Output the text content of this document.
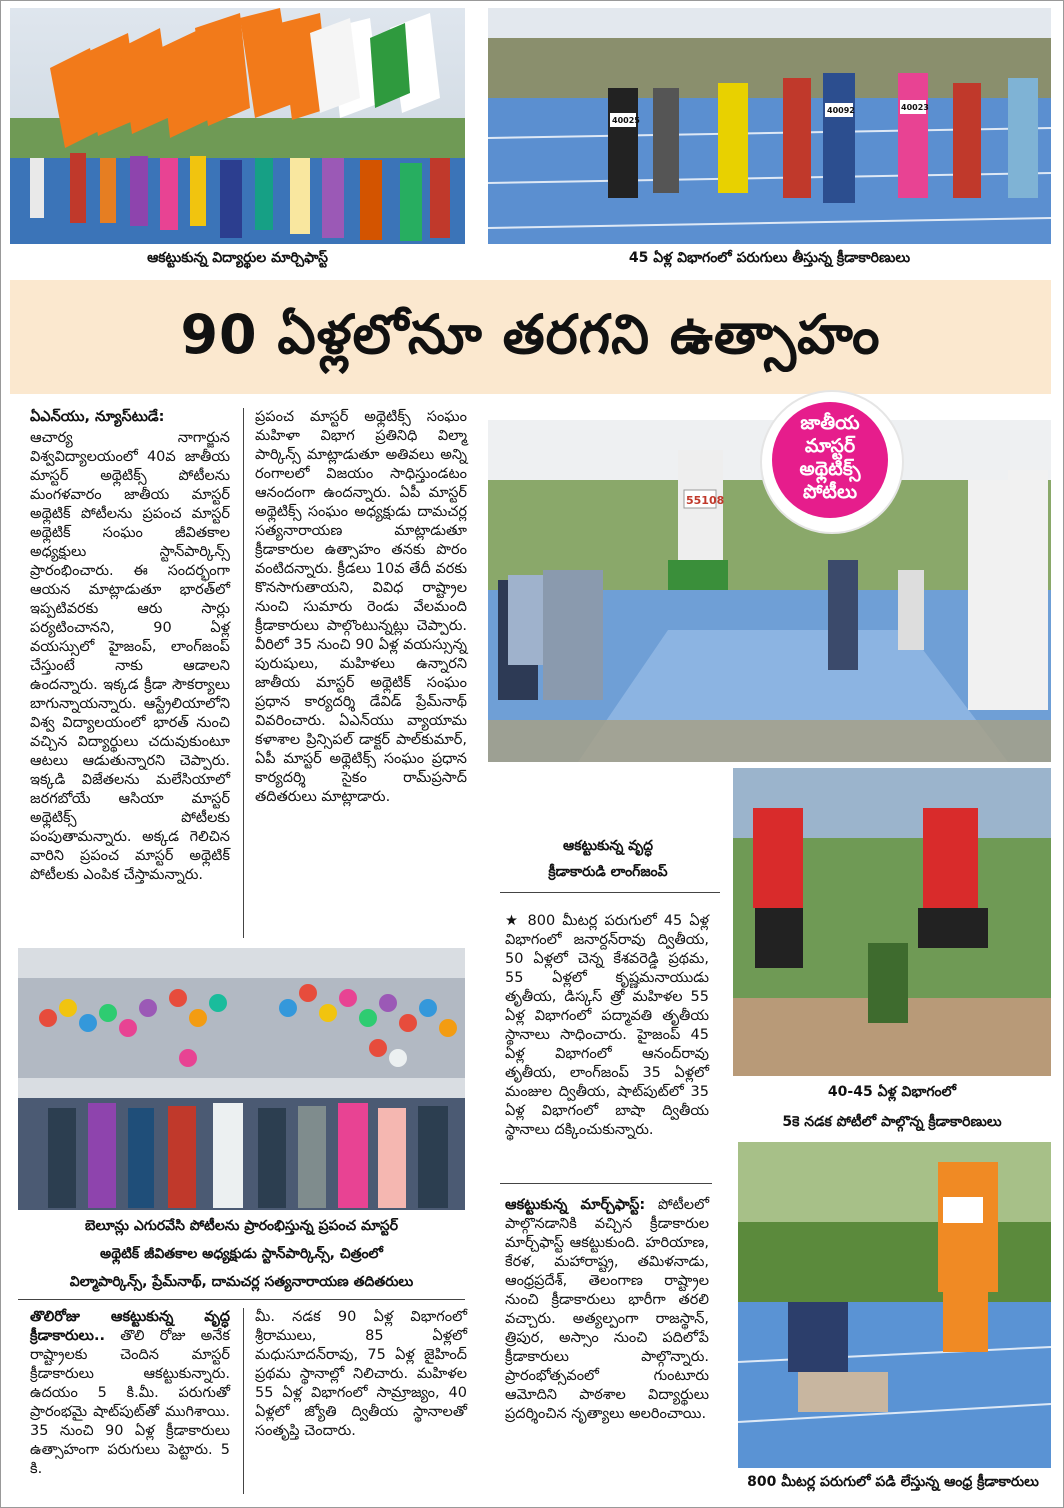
ఆకట్టుకున్న విద్యార్థుల మార్చిఫాస్ట్
40025
40092	40023
45 ఏళ్ల విభాగంలో పరుగులు తీస్తున్న క్రీడాకారిణులు
90 ఏళ్లలోనూ తరగని ఉత్సాహం
55108
జాతీయ మాస్టర్ అథ్లెటిక్స్ పోటీలు

ఏఎన్‌యు, న్యూస్‌టుడే:

ఆచార్య నాగార్జున విశ్వవిద్యాలయంలో 40వ జాతీయ మాస్టర్ అథ్లెటిక్స్ పోటీలను మంగళవారం జాతీయ మాస్టర్ అథ్లెటిక్ పోటీలను ప్రపంచ మాస్టర్ అథ్లెటిక్ సంఘం జీవితకాల అధ్యక్షులు స్టాన్‌పార్కిన్స్ ప్రారంభించారు. ఈ సందర్భంగా ఆయన మాట్లాడుతూ భారత్‌లో ఇప్పటివరకు ఆరు సార్లు పర్యటించానని, 90 ఏళ్ల వయస్సులో హైజంప్, లాంగ్‌జంప్ చేస్తుంటే నాకు ఆడాలని ఉందన్నారు. ఇక్కడ క్రీడా సౌకర్యాలు బాగున్నాయన్నారు. ఆస్ట్రేలియాలోని విశ్వ విద్యాలయంలో భారత్ నుంచి వచ్చిన విద్యార్థులు చదువుకుంటూ ఆటలు ఆడుతున్నారని చెప్పారు. ఇక్కడి విజేతలను మలేసియాలో జరగబోయే ఆసియా మాస్టర్ అథ్లెటిక్స్ పోటీలకు పంపుతామన్నారు. అక్కడ గెలిచిన వారిని ప్రపంచ మాస్టర్ అథ్లెటిక్ పోటీలకు ఎంపిక చేస్తామన్నారు.

ప్రపంచ మాస్టర్ అథ్లెటిక్స్ సంఘం మహిళా విభాగ ప్రతినిధి విల్మా పార్కిన్స్ మాట్లాడుతూ అతివలు అన్ని రంగాలలో విజయం సాధిస్తుండటం ఆనందంగా ఉందన్నారు. ఏపీ మాస్టర్ అథ్లెటిక్స్ సంఘం అధ్యక్షుడు దామచర్ల సత్యనారాయణ మాట్లాడుతూ క్రీడాకారుల ఉత్సాహం తనకు పొరం వంటిదన్నారు. క్రీడలు 10వ తేదీ వరకు కొనసాగుతాయని, వివిధ రాష్ట్రాల నుంచి సుమారు రెండు వేలమంది క్రీడాకారులు పాల్గొంటున్నట్లు చెప్పారు. వీరిలో 35 నుంచి 90 ఏళ్ల వయస్సున్న పురుషులు, మహిళలు ఉన్నారని జాతీయ మాస్టర్ అథ్లెటిక్ సంఘం ప్రధాన కార్యదర్శి డేవిడ్ ప్రేమ్‌నాథ్ వివరించారు. ఏఎన్‌యు వ్యాయామ కళాశాల ప్రిన్సిపల్ డాక్టర్ పాల్‌కుమార్, ఏపీ మాస్టర్ అథ్లెటిక్స్ సంఘం ప్రధాన కార్యదర్శి సైకం రామ్‌ప్రసాద్ తదితరులు మాట్లాడారు.

ఆకట్టుకున్న వృద్ధ
క్రీడాకారుడి లాంగ్‌జంప్

★ 800 మీటర్ల పరుగులో 45 ఏళ్ల విభాగంలో జనార్దన్‌రావు ద్వితీయ, 50 ఏళ్లలో చెన్న కేశవరెడ్డి ప్రథమ, 55 ఏళ్లలో కృష్ణమనాయుడు తృతీయ, డిస్కస్ త్రో మహిళల 55 ఏళ్ల విభాగంలో పద్మావతి తృతీయ స్థానాలు సాధించారు. హైజంప్ 45 ఏళ్ల విభాగంలో ఆనంద్‌రావు తృతీయ, లాంగ్‌జంప్ 35 ఏళ్లలో మంజుల ద్వితీయ, షాట్‌పుట్‌లో 35 ఏళ్ల విభాగంలో బాషా ద్వితీయ స్థానాలు దక్కించుకున్నారు.

ఆకట్టుకున్న మార్చ్‌ఫాస్ట్: పోటీలలో పాల్గొనడానికి వచ్చిన క్రీడాకారుల మార్చ్‌ఫాస్ట్ ఆకట్టుకుంది. హరియాణ, కేరళ, మహారాష్ట్ర, తమిళనాడు, ఆంధ్రప్రదేశ్, తెలంగాణ రాష్ట్రాల నుంచి క్రీడాకారులు భారీగా తరలి వచ్చారు. అత్యల్పంగా రాజస్థాన్, త్రిపుర, అస్సాం నుంచి పదిలోపే క్రీడాకారులు పాల్గొన్నారు. ప్రారంభోత్సవంలో గుంటూరు ఆమోదిని పాఠశాల విద్యార్థులు ప్రదర్శించిన నృత్యాలు అలరించాయి.

40-45 ఏళ్ల విభాగంలో
5కె నడక పోటీలో పాల్గొన్న క్రీడాకారిణులు
బెలూన్లు ఎగురవేసి పోటీలను ప్రారంభిస్తున్న ప్రపంచ మాస్టర్
అథ్లెటిక్ జీవితకాల అధ్యక్షుడు స్టాన్‌పార్కిన్స్, చిత్రంలో
విల్మాపార్కిన్స్, ప్రేమ్‌నాథ్, దామచర్ల సత్యనారాయణ తదితరులు

తొలిరోజు ఆకట్టుకున్న వృద్ధ క్రీడాకారులు.. తొలి రోజు అనేక రాష్ట్రాలకు చెందిన మాస్టర్ క్రీడాకారులు ఆకట్టుకున్నారు. ఉదయం 5 కి.మీ. పరుగుతో ప్రారంభమై షాట్‌పుట్‌తో ముగిశాయి. 35 నుంచి 90 ఏళ్ల క్రీడాకారులు ఉత్సాహంగా పరుగులు పెట్టారు. 5 కి.

మీ. నడక 90 ఏళ్ల విభాగంలో శ్రీరాములు, 85 ఏళ్లలో మధుసూదన్‌రావు, 75 ఏళ్ల జైహింద్ ప్రథమ స్థానాల్లో నిలిచారు. మహిళల 55 ఏళ్ల విభాగంలో సామ్రాజ్యం, 40 ఏళ్లలో జ్యోతి ద్వితీయ స్థానాలతో సంతృప్తి చెందారు.

800 మీటర్ల పరుగులో పడి లేస్తున్న ఆంధ్ర క్రీడాకారులు
